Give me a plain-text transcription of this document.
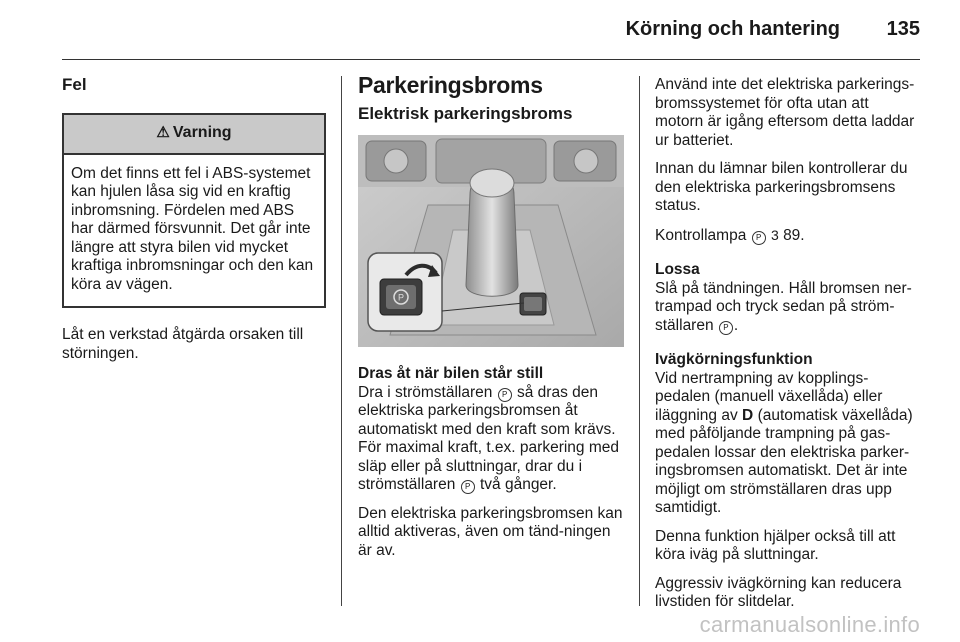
Körning och hantering	135
Fel
⚠ Varning
Om det finns ett fel i ABS-systemet kan hjulen låsa sig vid en kraftig inbromsning. Fördelen med ABS har därmed försvunnit. Det går inte längre att styra bilen vid mycket kraftiga inbromsningar och den kan köra av vägen.

Låt en verkstad åtgärda orsaken till störningen.

Parkeringsbroms
Elektrisk parkeringsbroms
P
Dras åt när bilen står still

Dra i strömställaren P så dras den elektriska parkeringsbromsen åt automatiskt med den kraft som krävs. För maximal kraft, t.ex. parkering med släp eller på sluttningar, drar du i strömställaren P två gånger.

Den elektriska parkeringsbromsen kan alltid aktiveras, även om tänd-ningen är av.

Använd inte det elektriska parkerings-bromssystemet för ofta utan att motorn är igång eftersom detta laddar ur batteriet.

Innan du lämnar bilen kontrollerar du den elektriska parkeringsbromsens status.

Kontrollampa P 3 89.

Lossa

Slå på tändningen. Håll bromsen ner-trampad och tryck sedan på ström-ställaren P .

Ivägkörningsfunktion

Vid nertrampning av kopplings-pedalen (manuell växellåda) eller iläggning av D (automatisk växellåda) med påföljande trampning på gas-pedalen lossar den elektriska parker-ingsbromsen automatiskt. Det är inte möjligt om strömställaren dras upp samtidigt.

Denna funktion hjälper också till att köra iväg på sluttningar.

Aggressiv ivägkörning kan reducera livstiden för slitdelar.

carmanualsonline.info
